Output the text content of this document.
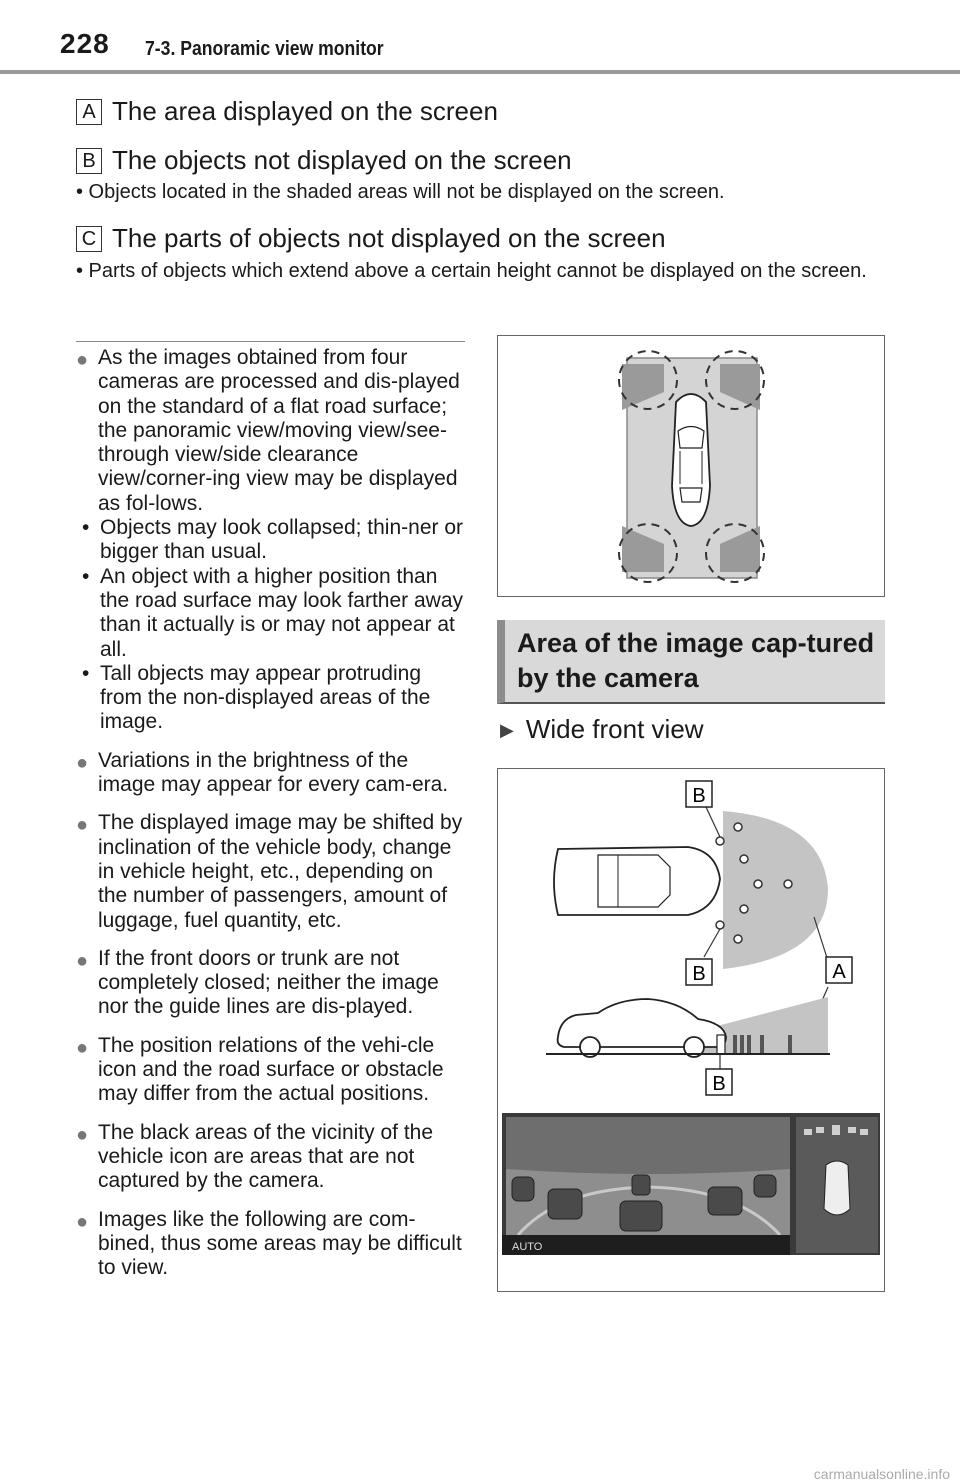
228 7-3. Panoramic view monitor
A The area displayed on the screen
B The objects not displayed on the screen
• Objects located in the shaded areas will not be displayed on the screen.
C The parts of objects not displayed on the screen
• Parts of objects which extend above a certain height cannot be displayed on the screen.
● As the images obtained from four cameras are processed and dis-played on the standard of a flat road surface; the panoramic view/moving view/see-through view/side clearance view/corner-ing view may be displayed as fol-lows.
• Objects may look collapsed; thin-ner or bigger than usual.
• An object with a higher position than the road surface may look farther away than it actually is or may not appear at all.
• Tall objects may appear protruding from the non-displayed areas of the image.
● Variations in the brightness of the image may appear for every cam-era.
● The displayed image may be shifted by inclination of the vehicle body, change in vehicle height, etc., depending on the number of passengers, amount of luggage, fuel quantity, etc.
● If the front doors or trunk are not completely closed; neither the image nor the guide lines are dis-played.
● The position relations of the vehi-cle icon and the road surface or obstacle may differ from the actual positions.
● The black areas of the vicinity of the vehicle icon are areas that are not captured by the camera.
● Images like the following are com-bined, thus some areas may be difficult to view.
Area of the image cap-tured by the camera
▶ Wide front view
B
B	A
B
AUTO
carmanualsonline.info
